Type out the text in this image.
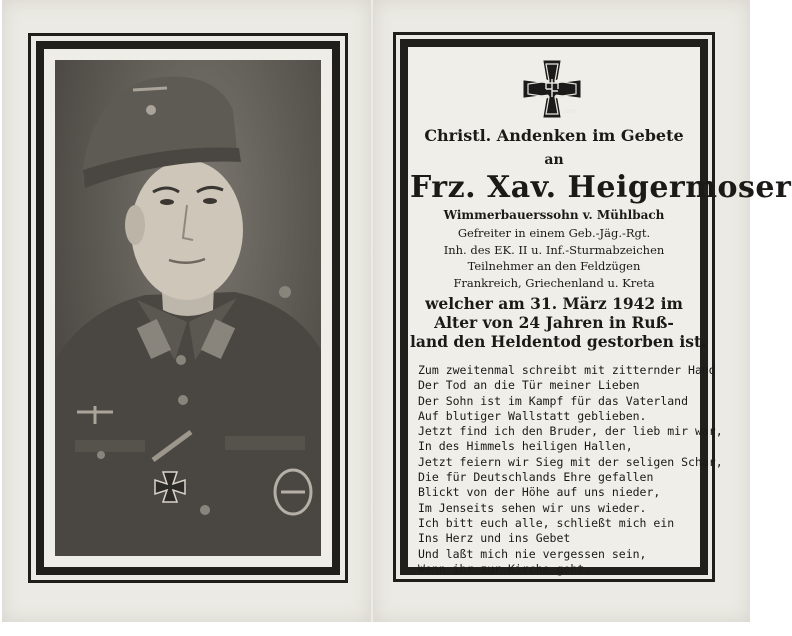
1939
Christl. Andenken im Gebete
an
Frz. Xav. Heigermoser
Wimmerbauerssohn v. Mühlbach
Gefreiter in einem Geb.-Jäg.-Rgt.
Inh. des EK. II u. Inf.-Sturmabzeichen
Teilnehmer an den Feldzügen
Frankreich, Griechenland u. Kreta
welcher am 31. März 1942 im
Alter von 24 Jahren in Ruß-
land den Heldentod gestorben ist.
Zum zweitenmal schreibt mit zitternder Hand
Der Tod an die Tür meiner Lieben
Der Sohn ist im Kampf für das Vaterland
Auf blutiger Wallstatt geblieben.
Jetzt find ich den Bruder, der lieb mir war,
In des Himmels heiligen Hallen,
Jetzt feiern wir Sieg mit der seligen Schar,
Die für Deutschlands Ehre gefallen
Blickt von der Höhe auf uns nieder,
Im Jenseits sehen wir uns wieder.
Ich bitt euch alle, schließt mich ein
Ins Herz und ins Gebet
Und laßt mich nie vergessen sein,
Wenn ihr zur Kirche geht.
